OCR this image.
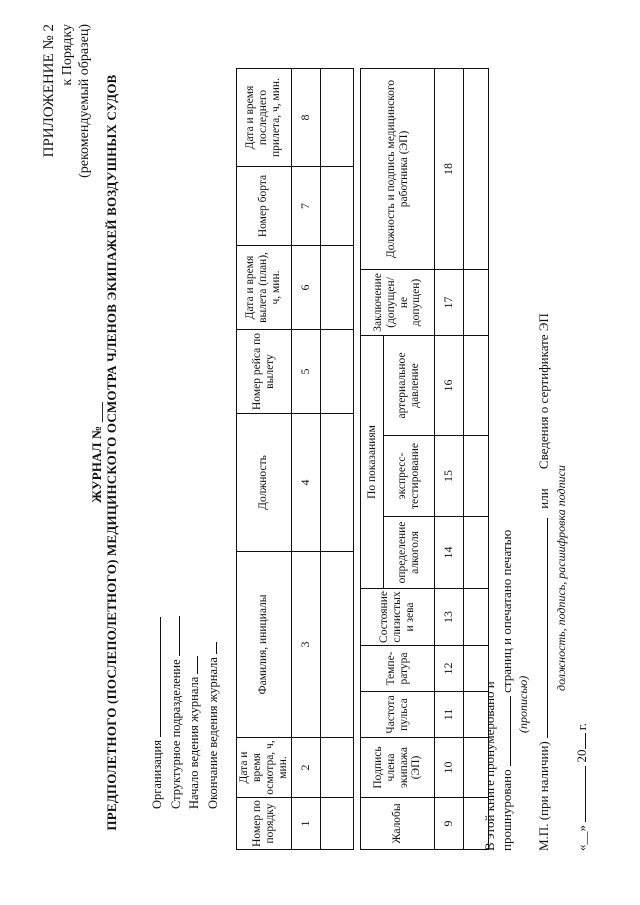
ПРИЛОЖЕНИЕ № 2 к Порядку (рекомендуемый образец)
ЖУРНАЛ № ___ ПРЕДПОЛЕТНОГО (ПОСЛЕПОЛЕТНОГО) МЕДИЦИНСКОГО ОСМОТРА ЧЛЕНОВ ЭКИПАЖЕЙ ВОЗДУШНЫХ СУДОВ Организация Структурное подразделение Начало ведения журнала Окончание ведения журнала
Номер по порядку	Дата и время осмотра, ч, мин.	Фамилия, инициалы	Должность	Номер рейса по вылету	Дата и время вылета (план), ч, мин.	Номер борта	Дата и время последнего прилета, ч, мин.
1	2	3	4	5	6	7	8

Жалобы	Подпись члена экипажа (ЭП)	Частота пульса	Темпе-ратура	Состояние слизистых и зева	По показаниям			Заключение (допущен/ не допущен)	Должность и подпись медицинского работника (ЭП)
					определение алкоголя	экспресс-тестирование	артериальное давление		
9	10	11	12	13	14	15	16	17	18

В этой книге пронумеровано и прошнуровано  страниц и опечатано печатью
(прописью)
М.П. (при наличии)  или Сведения о сертификате ЭП
должность, подпись, расшифровка подписи
«__»  20 г.
